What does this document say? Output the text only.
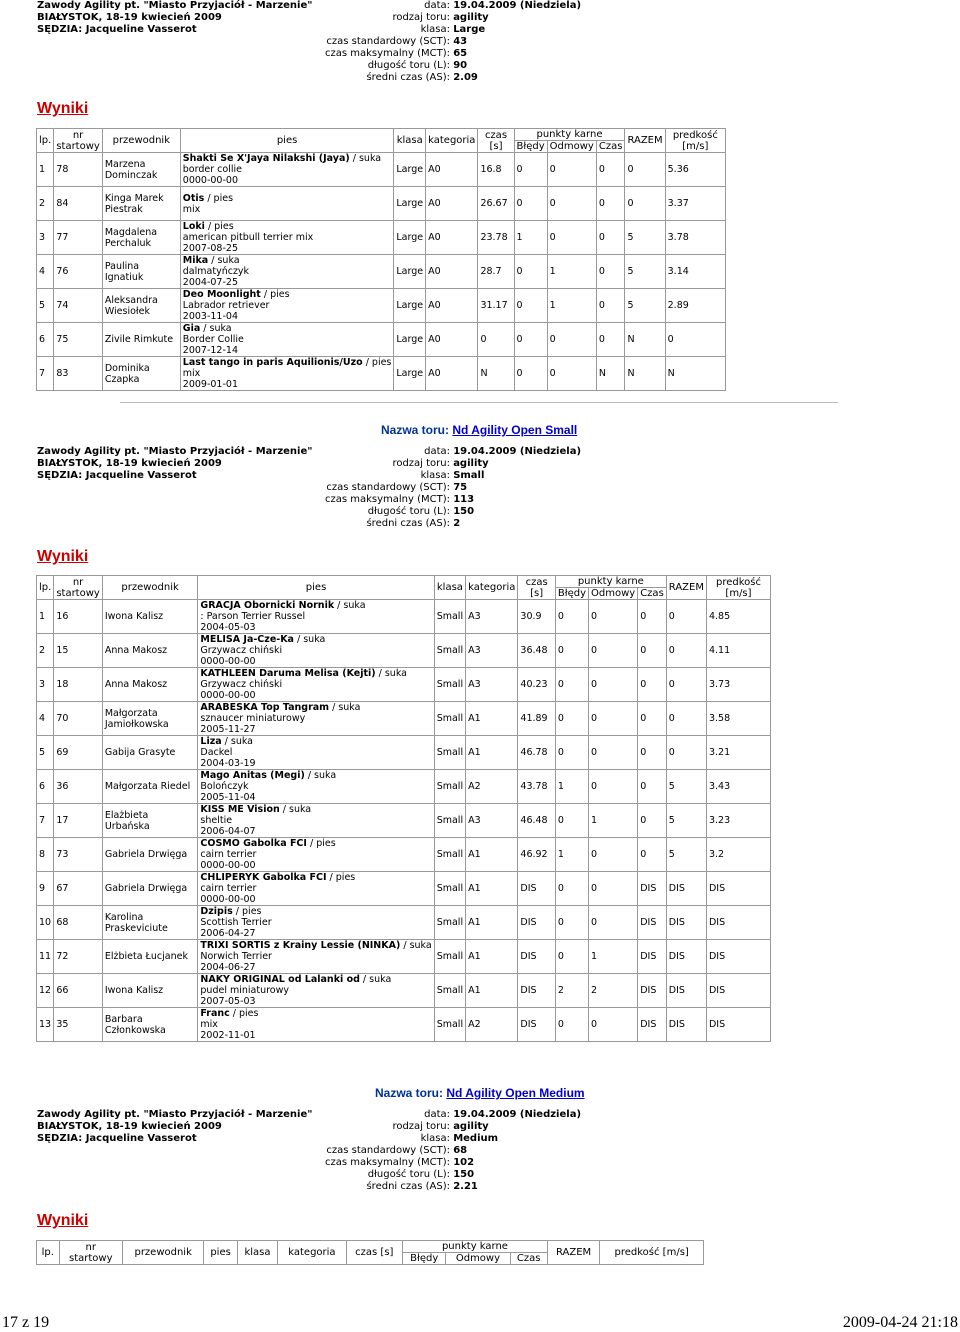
Zawody Agility pt. "Miasto Przyjaciół - Marzenie"
BIAŁYSTOK, 18-19 kwiecień 2009
SĘDZIA: Jacqueline Vasserot
data: 19.04.2009 (Niedziela)
rodzaj toru: agility
klasa: Large
czas standardowy (SCT): 43
czas maksymalny (MCT): 65
długość toru (L): 90
średni czas (AS): 2.09
Wyniki
lp.	nr
startowy	przewodnik	pies	klasa	kategoria	czas [s]	punkty karne			RAZEM	predkość [m/s]
							Błędy	Odmowy	Czas		
1	78	Marzena Dominczak	Shakti Se X'Jaya Nilakshi (Jaya) / suka
border collie
0000-00-00	Large	A0	16.8	0	0	0	0	5.36
2	84	Kinga Marek Piestrak	Otis / pies
mix	Large	A0	26.67	0	0	0	0	3.37
3	77	Magdalena Perchaluk	Loki / pies
american pitbull terrier mix
2007-08-25	Large	A0	23.78	1	0	0	5	3.78
4	76	Paulina Ignatiuk	Mika / suka
dalmatyńczyk
2004-07-25	Large	A0	28.7	0	1	0	5	3.14
5	74	Aleksandra Wiesiołek	Deo Moonlight / pies
Labrador retriever
2003-11-04	Large	A0	31.17	0	1	0	5	2.89
6	75	Zivile Rimkute	Gia / suka
Border Collie
2007-12-14	Large	A0	0	0	0	0	N	0
7	83	Dominika Czapka	Last tango in paris Aquilionis/Uzo / pies
mix
2009-01-01	Large	A0	N	0	0	N	N	N
Nazwa toru: Nd Agility Open Small
Zawody Agility pt. "Miasto Przyjaciół - Marzenie"
BIAŁYSTOK, 18-19 kwiecień 2009
SĘDZIA: Jacqueline Vasserot
data: 19.04.2009 (Niedziela)
rodzaj toru: agility
klasa: Small
czas standardowy (SCT): 75
czas maksymalny (MCT): 113
długość toru (L): 150
średni czas (AS): 2
Wyniki
lp.	nr
startowy	przewodnik	pies	klasa	kategoria	czas [s]	punkty karne			RAZEM	predkość [m/s]
							Błędy	Odmowy	Czas		
1	16	Iwona Kalisz	GRACJA Obornicki Nornik / suka
: Parson Terrier Russel
2004-05-03	Small	A3	30.9	0	0	0	0	4.85
2	15	Anna Makosz	MELISA Ja-Cze-Ka / suka
Grzywacz chiński
0000-00-00	Small	A3	36.48	0	0	0	0	4.11
3	18	Anna Makosz	KATHLEEN Daruma Melisa (Kejti) / suka
Grzywacz chiński
0000-00-00	Small	A3	40.23	0	0	0	0	3.73
4	70	Małgorzata Jamiołkowska	ARABESKA Top Tangram / suka
sznaucer miniaturowy
2005-11-27	Small	A1	41.89	0	0	0	0	3.58
5	69	Gabija Grasyte	Liza / suka
Dackel
2004-03-19	Small	A1	46.78	0	0	0	0	3.21
6	36	Małgorzata Riedel	Mago Anitas (Megi) / suka
Bolończyk
2005-11-04	Small	A2	43.78	1	0	0	5	3.43
7	17	Elażbieta Urbańska	KISS ME Vision / suka
sheltie
2006-04-07	Small	A3	46.48	0	1	0	5	3.23
8	73	Gabriela Drwięga	COSMO Gabolka FCI / pies
cairn terrier
0000-00-00	Small	A1	46.92	1	0	0	5	3.2
9	67	Gabriela Drwięga	CHLIPERYK Gabolka FCI / pies
cairn terrier
0000-00-00	Small	A1	DIS	0	0	DIS	DIS	DIS
10	68	Karolina Praskeviciute	Dzipis / pies
Scottish Terrier
2006-04-27	Small	A1	DIS	0	0	DIS	DIS	DIS
11	72	Elżbieta Łucjanek	TRIXI SORTIS z Krainy Lessie (NINKA) / suka
Norwich Terrier
2004-06-27	Small	A1	DIS	0	1	DIS	DIS	DIS
12	66	Iwona Kalisz	NAKY ORIGINAL od Lalanki od / suka
pudel miniaturowy
2007-05-03	Small	A1	DIS	2	2	DIS	DIS	DIS
13	35	Barbara Członkowska	Franc / pies
mix
2002-11-01	Small	A2	DIS	0	0	DIS	DIS	DIS
Nazwa toru: Nd Agility Open Medium
Zawody Agility pt. "Miasto Przyjaciół - Marzenie"
BIAŁYSTOK, 18-19 kwiecień 2009
SĘDZIA: Jacqueline Vasserot
data: 19.04.2009 (Niedziela)
rodzaj toru: agility
klasa: Medium
czas standardowy (SCT): 68
czas maksymalny (MCT): 102
długość toru (L): 150
średni czas (AS): 2.21
Wyniki
lp.	nr
startowy	przewodnik	pies	klasa	kategoria	czas [s]	punkty karne			RAZEM	predkość [m/s]
							Błędy	Odmowy	Czas		
17 z 19	2009-04-24 21:18
